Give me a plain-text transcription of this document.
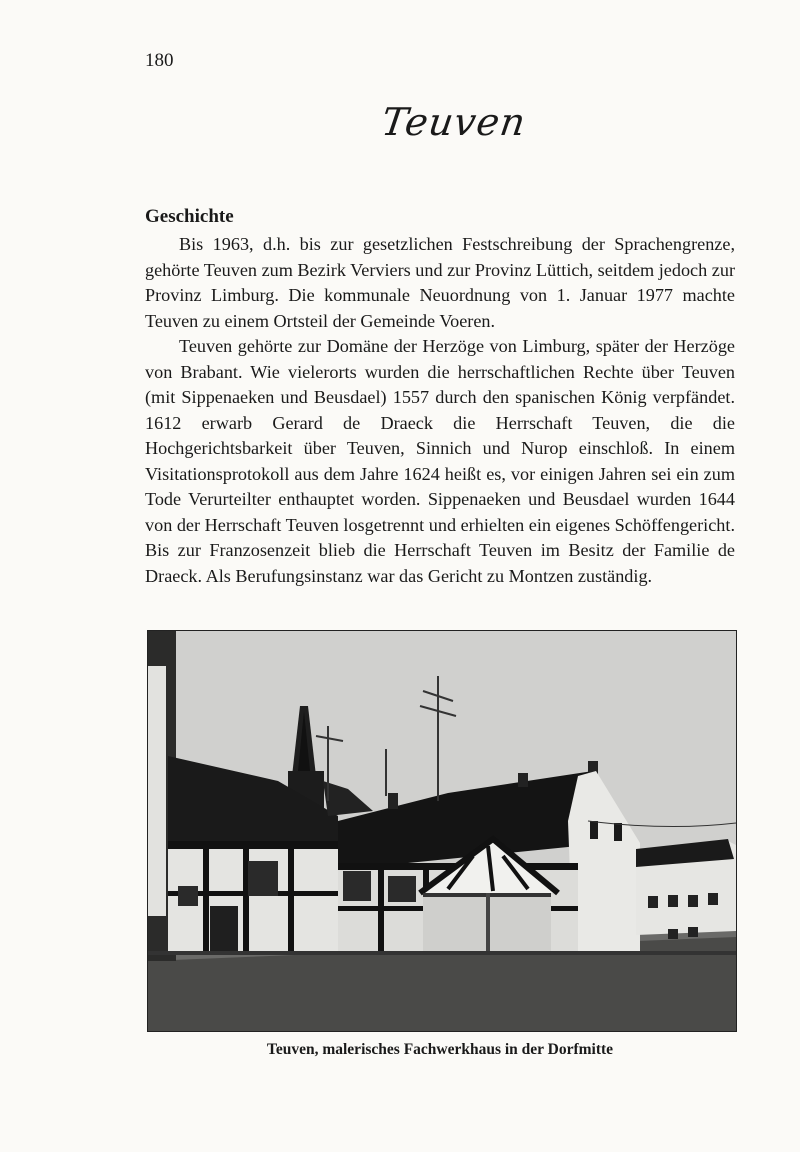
180
Teuven
Geschichte

Bis 1963, d.h. bis zur gesetzlichen Festschreibung der Sprachengrenze, gehörte Teuven zum Bezirk Verviers und zur Provinz Lüttich, seitdem jedoch zur Provinz Limburg. Die kommunale Neuordnung von 1. Januar 1977 machte Teuven zu einem Ortsteil der Gemeinde Voeren.

Teuven gehörte zur Domäne der Herzöge von Limburg, später der Herzöge von Brabant. Wie vielerorts wurden die herrschaftlichen Rechte über Teuven (mit Sippenaeken und Beusdael) 1557 durch den spanischen König verpfändet. 1612 erwarb Gerard de Draeck die Herrschaft Teuven, die die Hochgerichtsbarkeit über Teuven, Sinnich und Nurop einschloß. In einem Visitationsprotokoll aus dem Jahre 1624 heißt es, vor einigen Jahren sei ein zum Tode Verurteilter enthauptet worden. Sippenaeken und Beusdael wurden 1644 von der Herrschaft Teuven losgetrennt und erhielten ein eigenes Schöffengericht. Bis zur Franzosenzeit blieb die Herrschaft Teuven im Besitz der Familie de Draeck. Als Berufungsinstanz war das Gericht zu Montzen zuständig.

Teuven, malerisches Fachwerkhaus in der Dorfmitte
